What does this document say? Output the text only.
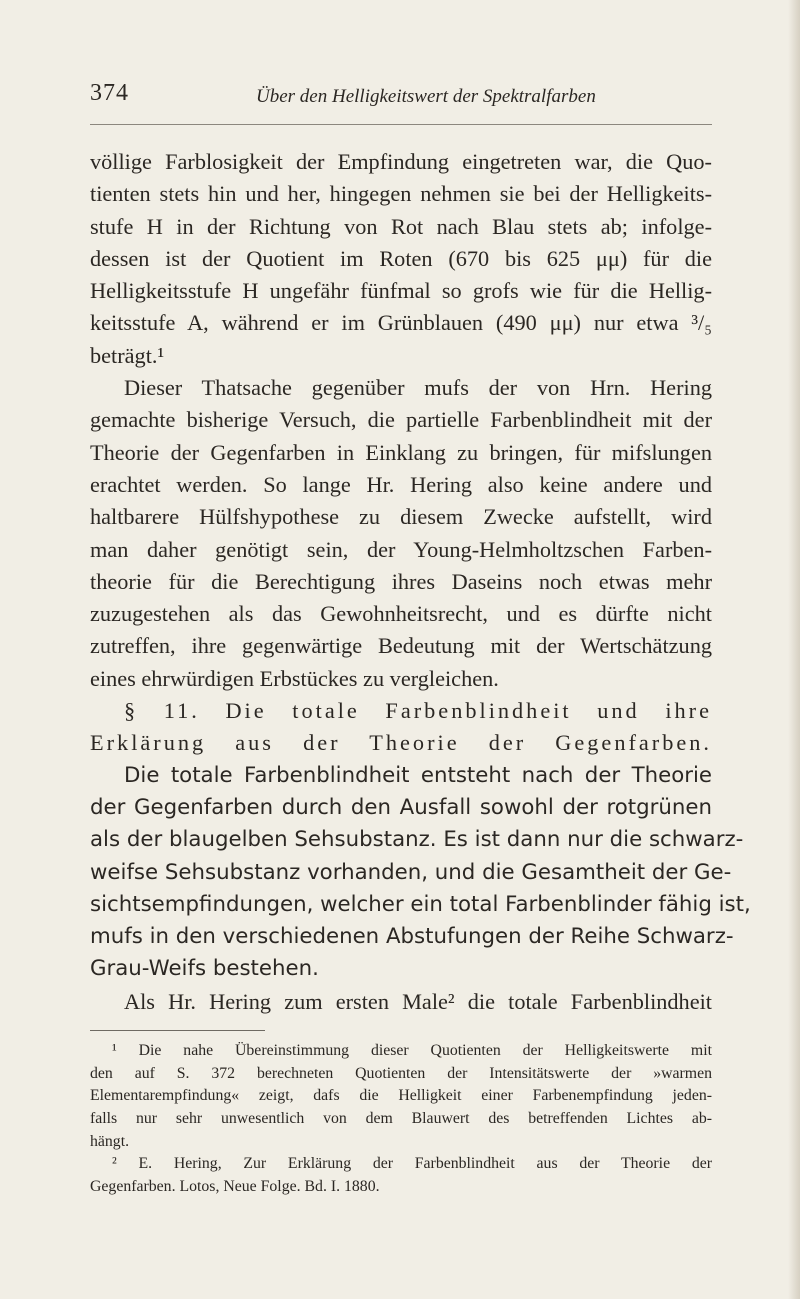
374	Über den Helligkeitswert der Spektralfarben
völlige Farblosigkeit der Empfindung eingetreten war, die Quo-
tienten stets hin und her, hingegen nehmen sie bei der Helligkeits-
stufe H in der Richtung von Rot nach Blau stets ab; infolge-
dessen ist der Quotient im Roten (670 bis 625 μμ) für die
Helligkeitsstufe H ungefähr fünfmal so grofs wie für die Hellig-
keitsstufe A, während er im Grünblauen (490 μμ) nur etwa ³/₅
beträgt.¹
Dieser Thatsache gegenüber mufs der von Hrn. Hering
gemachte bisherige Versuch, die partielle Farbenblindheit mit der
Theorie der Gegenfarben in Einklang zu bringen, für mifslungen
erachtet werden. So lange Hr. Hering also keine andere und
haltbarere Hülfshypothese zu diesem Zwecke aufstellt, wird
man daher genötigt sein, der Young-Helmholtzschen Farben-
theorie für die Berechtigung ihres Daseins noch etwas mehr
zuzugestehen als das Gewohnheitsrecht, und es dürfte nicht
zutreffen, ihre gegenwärtige Bedeutung mit der Wertschätzung
eines ehrwürdigen Erbstückes zu vergleichen.
§ 11. Die totale Farbenblindheit und ihre
Erklärung aus der Theorie der Gegenfarben.
Die totale Farbenblindheit entsteht nach der Theorie
der Gegenfarben durch den Ausfall sowohl der rotgrünen
als der blaugelben Sehsubstanz. Es ist dann nur die schwarz-
weifse Sehsubstanz vorhanden, und die Gesamtheit der Ge-
sichtsempfindungen, welcher ein total Farbenblinder fähig ist,
mufs in den verschiedenen Abstufungen der Reihe Schwarz-
Grau-Weifs bestehen.
Als Hr. Hering zum ersten Male² die totale Farbenblindheit
¹ Die nahe Übereinstimmung dieser Quotienten der Helligkeitswerte mit
den auf S. 372 berechneten Quotienten der Intensitätswerte der »warmen
Elementarempfindung« zeigt, dafs die Helligkeit einer Farbenempfindung jeden-
falls nur sehr unwesentlich von dem Blauwert des betreffenden Lichtes ab-
hängt.
² E. Hering, Zur Erklärung der Farbenblindheit aus der Theorie der
Gegenfarben. Lotos, Neue Folge. Bd. I. 1880.
